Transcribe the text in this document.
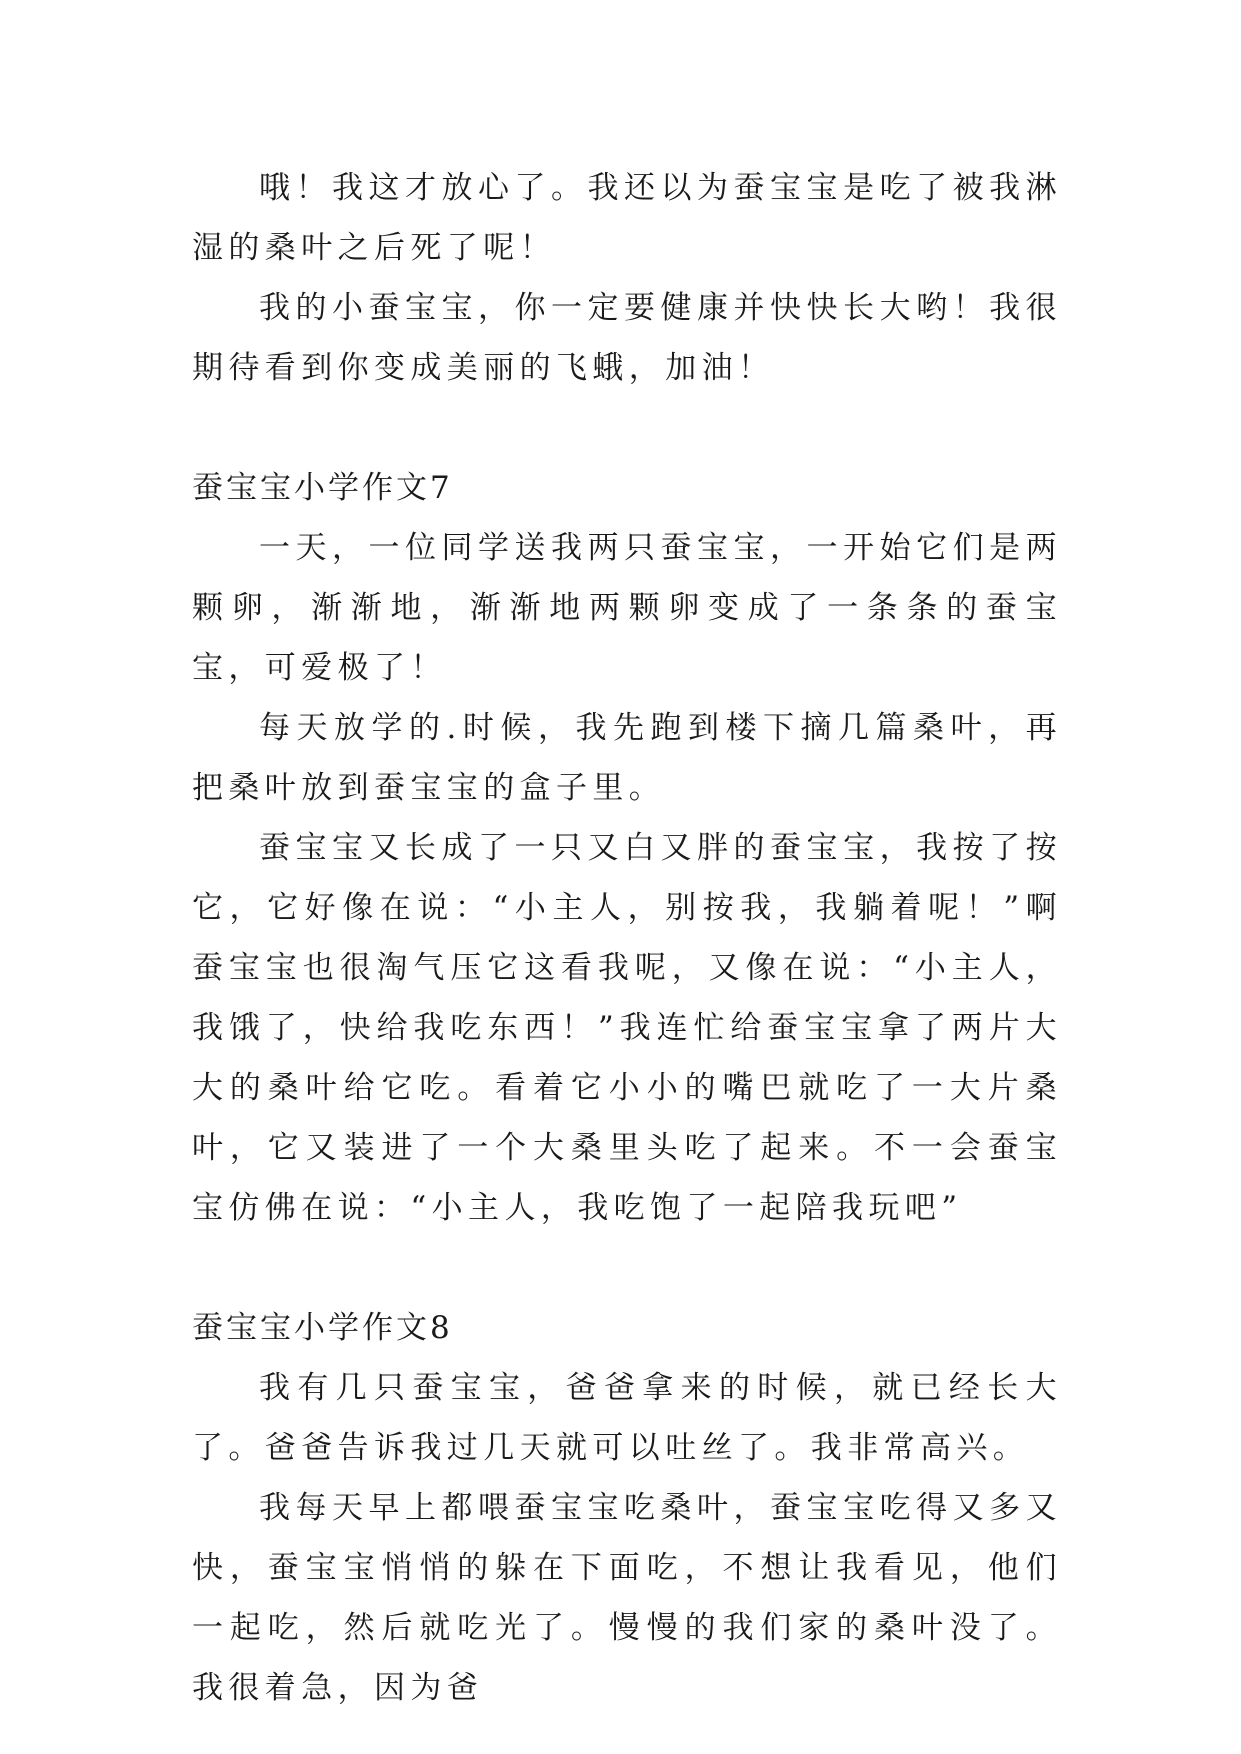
哦！我这才放心了。我还以为蚕宝宝是吃了被我淋湿的桑叶之后死了呢！

我的小蚕宝宝，你一定要健康并快快长大哟！我很期待看到你变成美丽的飞蛾，加油！

蚕宝宝小学作文7

一天，一位同学送我两只蚕宝宝，一开始它们是两颗卵，渐渐地，渐渐地两颗卵变成了一条条的蚕宝宝，可爱极了！

每天放学的.时候，我先跑到楼下摘几篇桑叶，再把桑叶放到蚕宝宝的盒子里。

蚕宝宝又长成了一只又白又胖的蚕宝宝，我按了按它，它好像在说：“小主人，别按我，我躺着呢！”啊蚕宝宝也很淘气压它这看我呢，又像在说：“小主人，我饿了，快给我吃东西！”我连忙给蚕宝宝拿了两片大大的桑叶给它吃。看着它小小的嘴巴就吃了一大片桑叶，它又装进了一个大桑里头吃了起来。不一会蚕宝宝仿佛在说：“小主人，我吃饱了一起陪我玩吧”

蚕宝宝小学作文8

我有几只蚕宝宝，爸爸拿来的时候，就已经长大了。爸爸告诉我过几天就可以吐丝了。我非常高兴。

我每天早上都喂蚕宝宝吃桑叶，蚕宝宝吃得又多又快，蚕宝宝悄悄的躲在下面吃，不想让我看见，他们一起吃，然后就吃光了。慢慢的我们家的桑叶没了。我很着急，因为爸
